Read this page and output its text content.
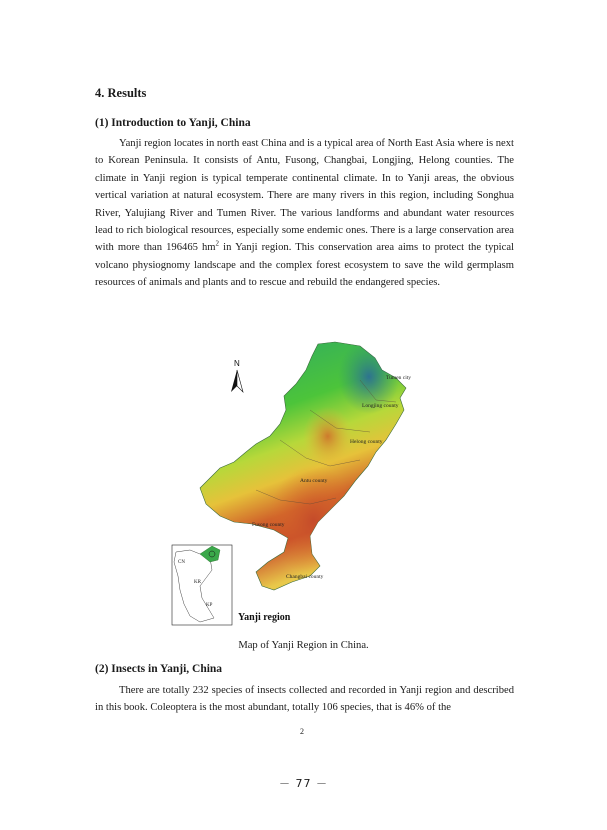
4. Results
(1) Introduction to Yanji, China
Yanji region locates in north east China and is a typical area of North East Asia where is next to Korean Peninsula. It consists of Antu, Fusong, Changbai, Longjing, Helong counties. The climate in Yanji region is typical temperate continental climate. In to Yanji areas, the obvious vertical variation at natural ecosystem. There are many rivers in this region, including Songhua River, Yalujiang River and Tumen River. The various landforms and abundant water resources lead to rich biological resources, especially some endemic ones. There is a large conservation area with more than 196465 $hm^2$ in Yanji region. This conservation area aims to protect the typical volcano physiognomy landscape and the complex forest ecosystem to save the wild germplasm resources of animals and plants and to rescue and rebuild the endangered species.
Tumen city
Longjing county
Helong county
Antu county
Fusong county
Changbai county
N
CN
KR
KP
Yanji region
Map of Yanji Region in China.
(2) Insects in Yanji, China
There are totally 232 species of insects collected and recorded in Yanji region and described in this book. Coleoptera is the most abundant, totally 106 species, that is 46% of the
2
－ 77 －
